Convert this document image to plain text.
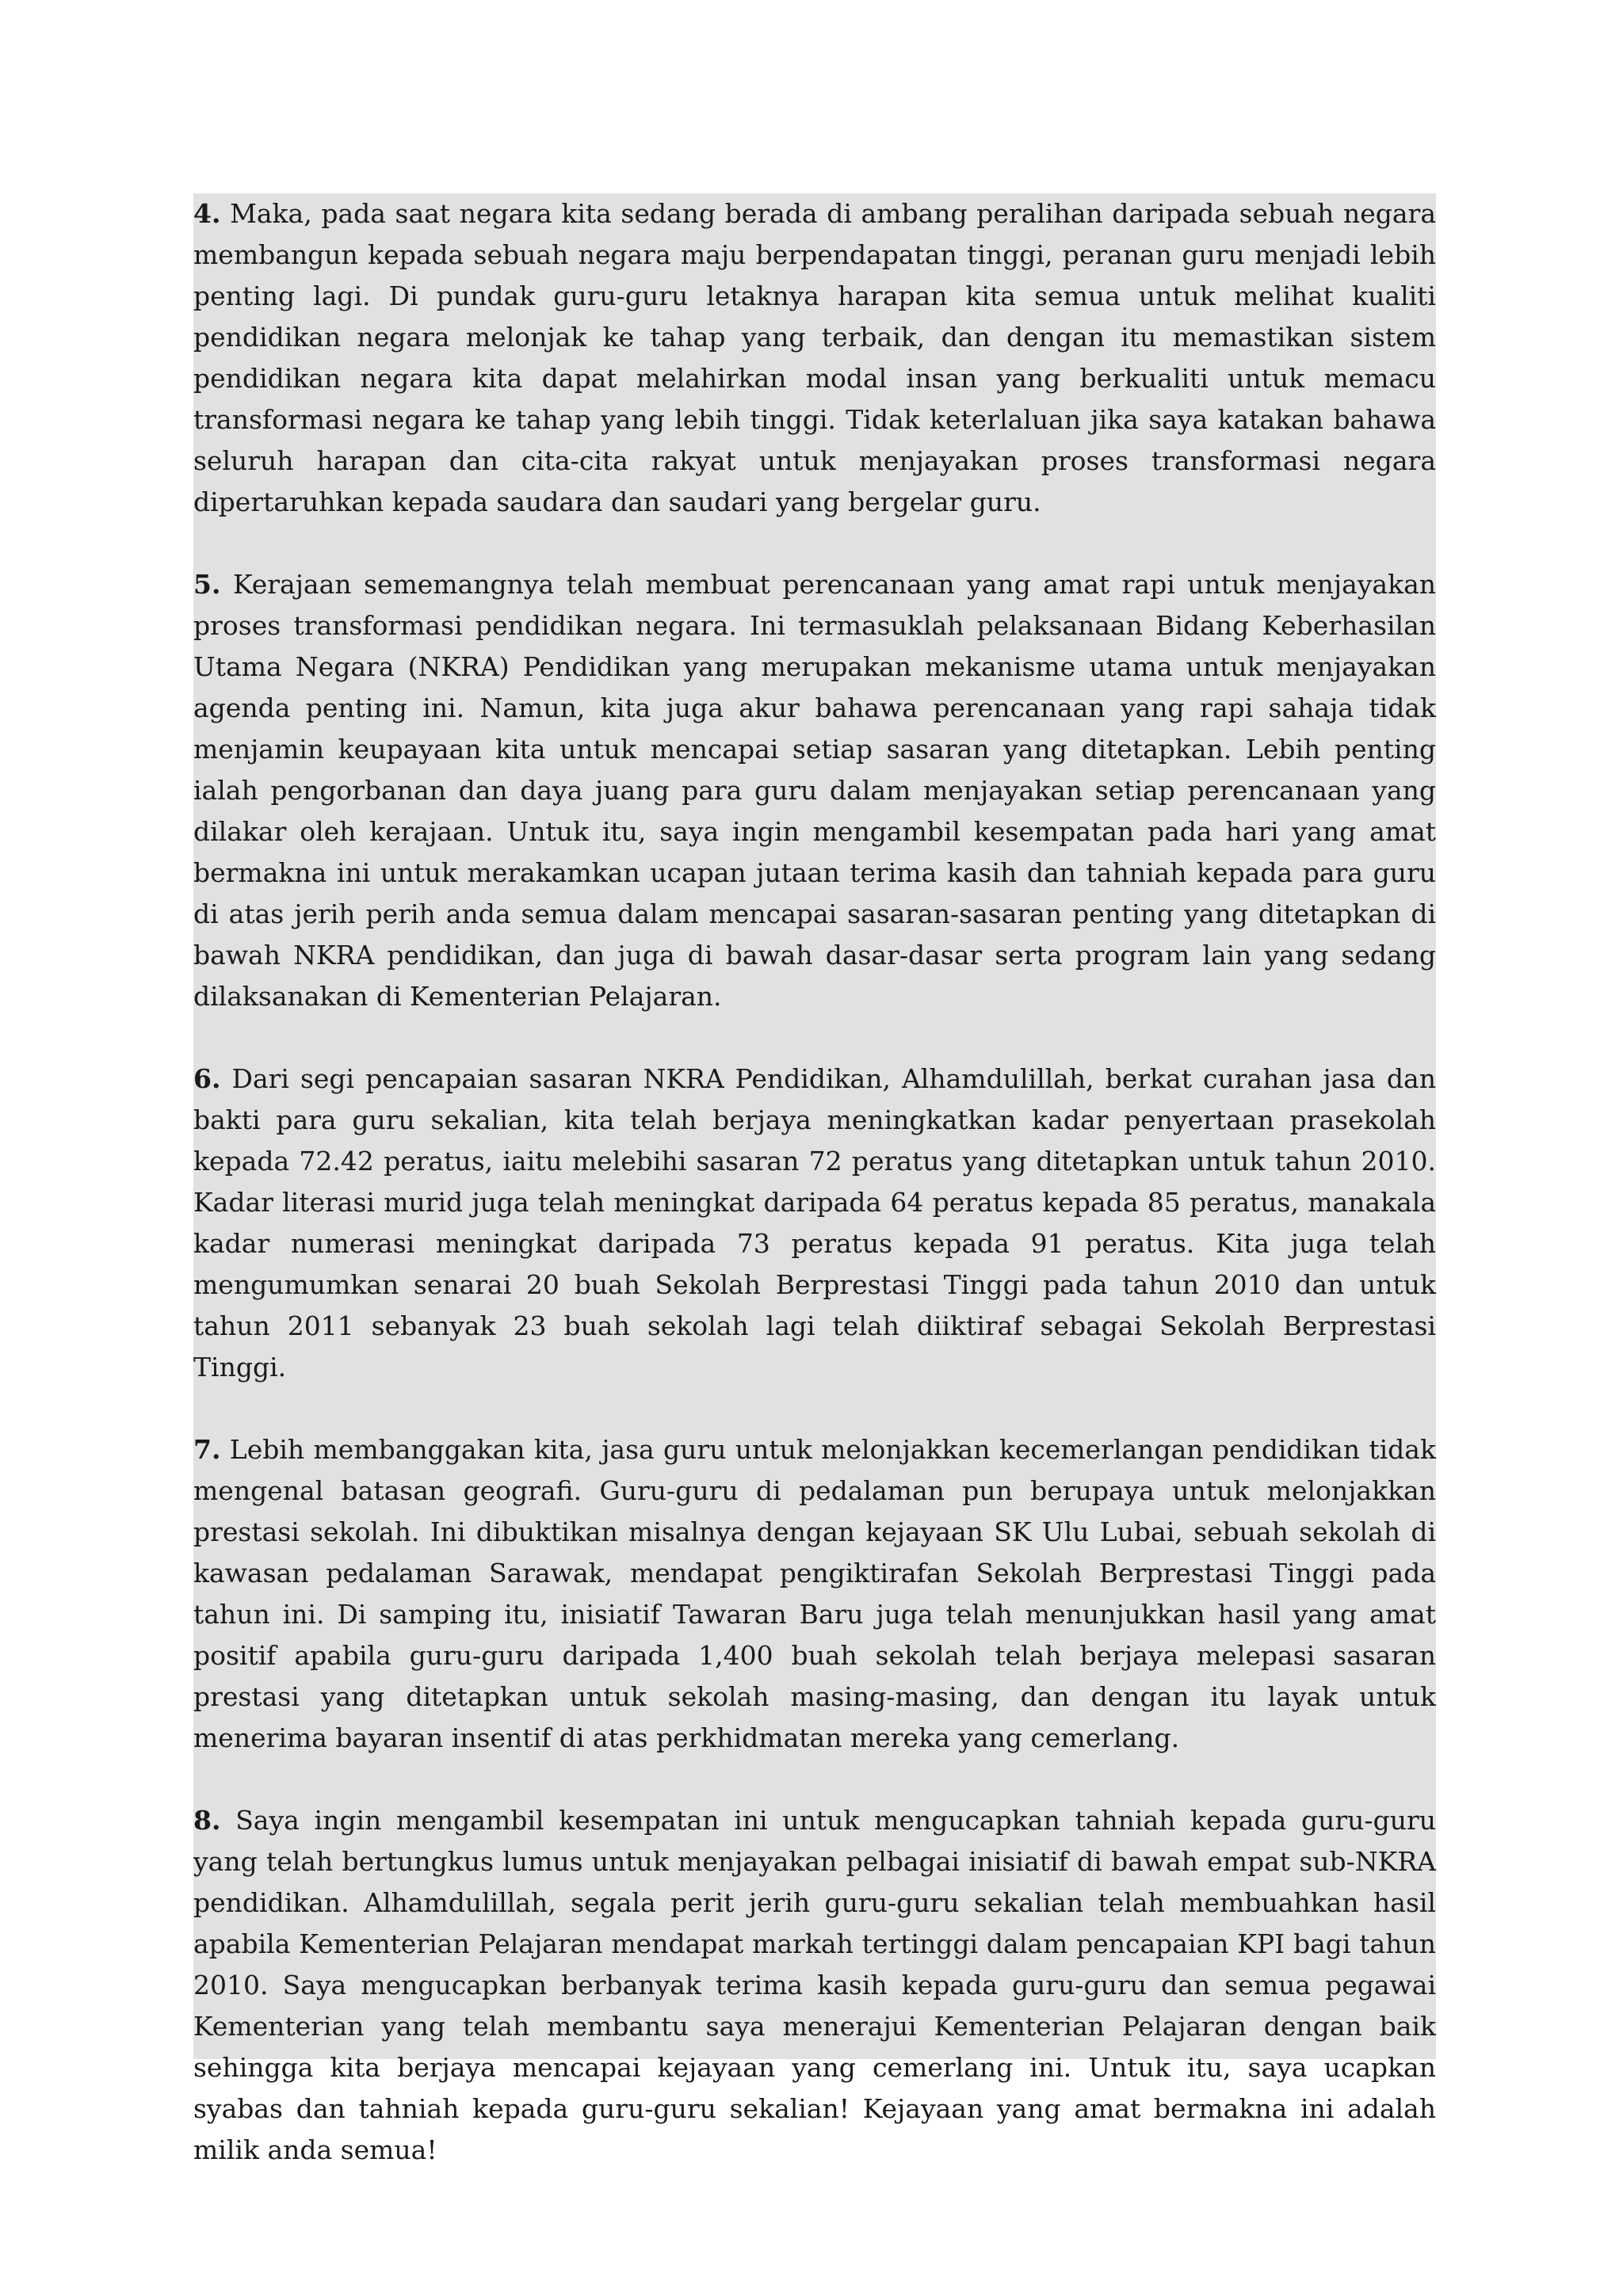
4. Maka, pada saat negara kita sedang berada di ambang peralihan daripada sebuah negara membangun kepada sebuah negara maju berpendapatan tinggi, peranan guru menjadi lebih penting lagi. Di pundak guru-guru letaknya harapan kita semua untuk melihat kualiti pendidikan negara melonjak ke tahap yang terbaik, dan dengan itu memastikan sistem pendidikan negara kita dapat melahirkan modal insan yang berkualiti untuk memacu transformasi negara ke tahap yang lebih tinggi. Tidak keterlaluan jika saya katakan bahawa seluruh harapan dan cita-cita rakyat untuk menjayakan proses transformasi negara dipertaruhkan kepada saudara dan saudari yang bergelar guru.

5. Kerajaan sememangnya telah membuat perencanaan yang amat rapi untuk menjayakan proses transformasi pendidikan negara. Ini termasuklah pelaksanaan Bidang Keberhasilan Utama Negara (NKRA) Pendidikan yang merupakan mekanisme utama untuk menjayakan agenda penting ini. Namun, kita juga akur bahawa perencanaan yang rapi sahaja tidak menjamin keupayaan kita untuk mencapai setiap sasaran yang ditetapkan. Lebih penting ialah pengorbanan dan daya juang para guru dalam menjayakan setiap perencanaan yang dilakar oleh kerajaan. Untuk itu, saya ingin mengambil kesempatan pada hari yang amat bermakna ini untuk merakamkan ucapan jutaan terima kasih dan tahniah kepada para guru di atas jerih perih anda semua dalam mencapai sasaran-sasaran penting yang ditetapkan di bawah NKRA pendidikan, dan juga di bawah dasar-dasar serta program lain yang sedang dilaksanakan di Kementerian Pelajaran.

6. Dari segi pencapaian sasaran NKRA Pendidikan, Alhamdulillah, berkat curahan jasa dan bakti para guru sekalian, kita telah berjaya meningkatkan kadar penyertaan prasekolah kepada 72.42 peratus, iaitu melebihi sasaran 72 peratus yang ditetapkan untuk tahun 2010. Kadar literasi murid juga telah meningkat daripada 64 peratus kepada 85 peratus, manakala kadar numerasi meningkat daripada 73 peratus kepada 91 peratus. Kita juga telah mengumumkan senarai 20 buah Sekolah Berprestasi Tinggi pada tahun 2010 dan untuk tahun 2011 sebanyak 23 buah sekolah lagi telah diiktiraf sebagai Sekolah Berprestasi Tinggi.

7. Lebih membanggakan kita, jasa guru untuk melonjakkan kecemerlangan pendidikan tidak mengenal batasan geografi. Guru-guru di pedalaman pun berupaya untuk melonjakkan prestasi sekolah. Ini dibuktikan misalnya dengan kejayaan SK Ulu Lubai, sebuah sekolah di kawasan pedalaman Sarawak, mendapat pengiktirafan Sekolah Berprestasi Tinggi pada tahun ini. Di samping itu, inisiatif Tawaran Baru juga telah menunjukkan hasil yang amat positif apabila guru-guru daripada 1,400 buah sekolah telah berjaya melepasi sasaran prestasi yang ditetapkan untuk sekolah masing-masing, dan dengan itu layak untuk menerima bayaran insentif di atas perkhidmatan mereka yang cemerlang.

8. Saya ingin mengambil kesempatan ini untuk mengucapkan tahniah kepada guru-guru yang telah bertungkus lumus untuk menjayakan pelbagai inisiatif di bawah empat sub-NKRA pendidikan. Alhamdulillah, segala perit jerih guru-guru sekalian telah membuahkan hasil apabila Kementerian Pelajaran mendapat markah tertinggi dalam pencapaian KPI bagi tahun 2010. Saya mengucapkan berbanyak terima kasih kepada guru-guru dan semua pegawai Kementerian yang telah membantu saya menerajui Kementerian Pelajaran dengan baik sehingga kita berjaya mencapai kejayaan yang cemerlang ini. Untuk itu, saya ucapkan syabas dan tahniah kepada guru-guru sekalian! Kejayaan yang amat bermakna ini adalah milik anda semua!
